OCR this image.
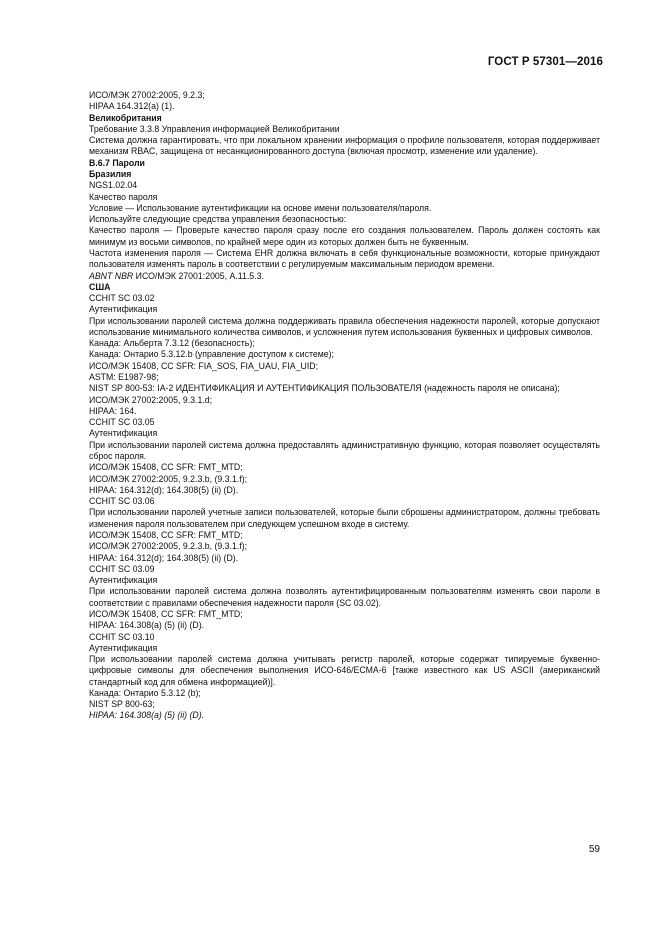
ГОСТ Р 57301—2016

ИСО/МЭК 27002:2005, 9.2.3;

HIPAA 164.312(a) (1).

Великобритания

Требование 3.3.8 Управления информацией Великобритании

Система должна гарантировать, что при локальном хранении информация о профиле пользователя, которая поддерживает механизм RBAC, защищена от несанкционированного доступа (включая просмотр, изменение или удаление).

В.6.7 Пароли

Бразилия

NGS1.02.04

Качество пароля

Условие — Использование аутентификации на основе имени пользователя/пароля.

Используйте следующие средства управления безопасностью:

Качество пароля — Проверьте качество пароля сразу после его создания пользователем. Пароль должен состоять как минимум из восьми символов, по крайней мере один из которых должен быть не буквенным.

Частота изменения пароля — Система EHR должна включать в себя функциональные возможности, которые принуждают пользователя изменять пароль в соответствии с регулируемым максимальным периодом времени.

ABNT NBR ИСО/МЭК 27001:2005, А.11.5.3.

США

CCHIT SC 03.02

Аутентификация

При использовании паролей система должна поддерживать правила обеспечения надежности паролей, которые допускают использование минимального количества символов, и усложнения путем использования буквенных и цифровых символов.

Канада: Альберта 7.3.12 (безопасность);

Канада: Онтарио 5.3.12.b (управление доступом к системе);

ИСО/МЭК 15408, CC SFR: FIA_SOS, FIA_UAU, FIA_UID;

ASTM: E1987-98;

NIST SP 800-53: IA-2 ИДЕНТИФИКАЦИЯ И АУТЕНТИФИКАЦИЯ ПОЛЬЗОВАТЕЛЯ (надежность пароля не описана);

ИСО/МЭК 27002:2005, 9.3.1.d;

HIPAA: 164.

CCHIT SC 03.05

Аутентификация

При использовании паролей система должна предоставлять административную функцию, которая позволяет осуществлять сброс пароля.

ИСО/МЭК 15408, CC SFR: FMT_MTD;

ИСО/МЭК 27002:2005, 9.2.3.b, (9.3.1.f);

HIPAA: 164.312(d); 164.308(5) (ii) (D).

CCHIT SC 03.06

При использовании паролей учетные записи пользователей, которые были сброшены администратором, должны требовать изменения пароля пользователем при следующем успешном входе в систему.

ИСО/МЭК 15408, CC SFR: FMT_MTD;

ИСО/МЭК 27002:2005, 9.2.3.b, (9.3.1.f);

HIPAA: 164.312(d); 164.308(5) (ii) (D).

CCHIT SC 03.09

Аутентификация

При использовании паролей система должна позволять аутентифицированным пользователям изменять свои пароли в соответствии с правилами обеспечения надежности пароля (SC 03.02).

ИСО/МЭК 15408, CC SFR: FMT_MTD;

HIPAA: 164.308(a) (5) (ii) (D).

CCHIT SC 03.10

Аутентификация

При использовании паролей система должна учитывать регистр паролей, которые содержат типируемые буквенно-цифровые символы для обеспечения выполнения ИСО-646/ЕСМА-6 [также известного как US ASCII (американский стандартный код для обмена информацией)].

Канада: Онтарио 5.3.12 (b);

NIST SP 800-63;

HIPAA: 164.308(a) (5) (ii) (D).

59
